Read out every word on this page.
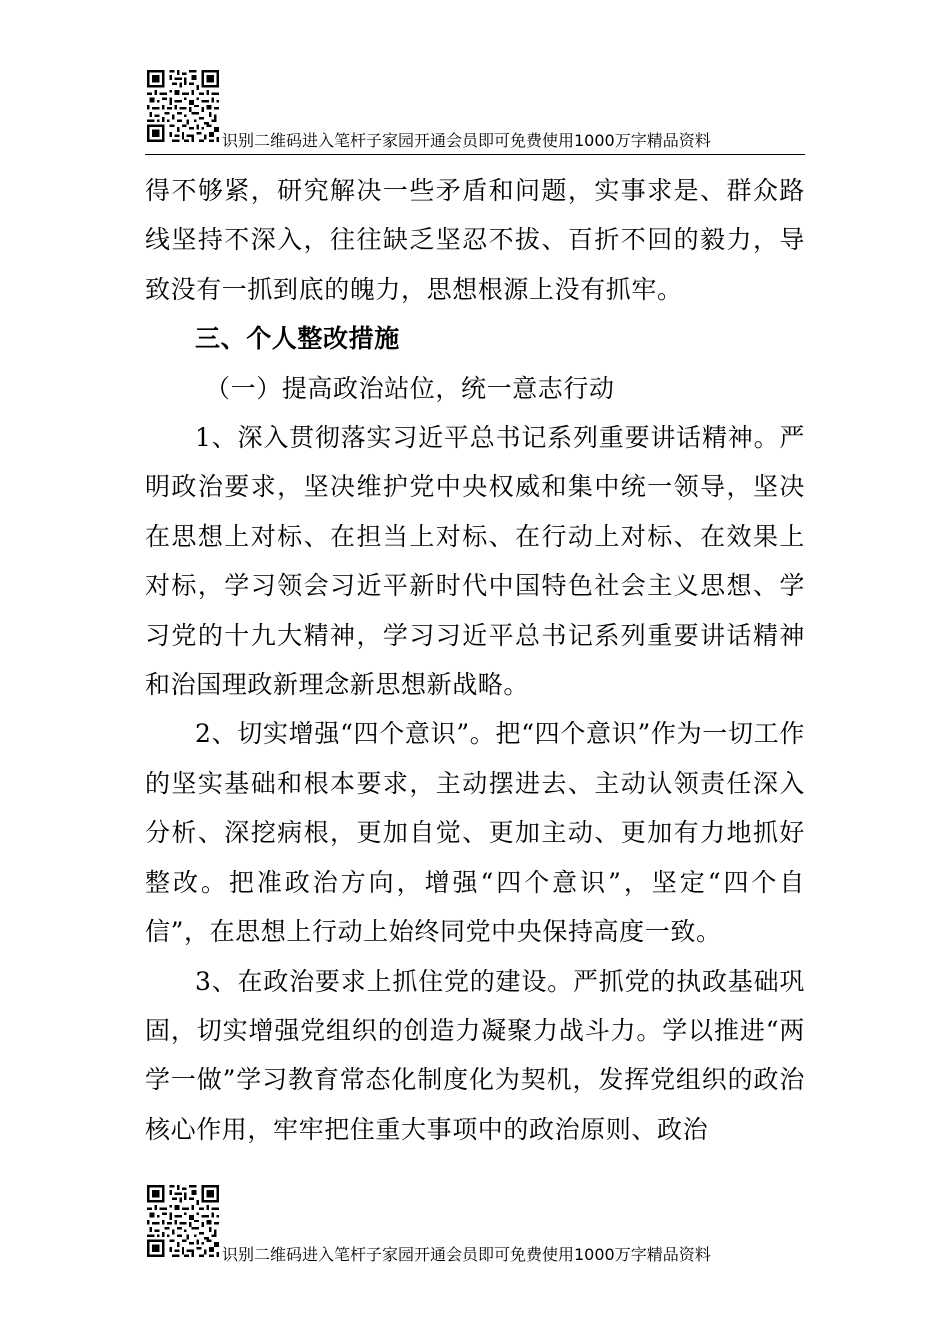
识别二维码进入笔杆子家园开通会员即可免费使用1000万字精品资料

得不够紧，研究解决一些矛盾和问题，实事求是、群众路线坚持不深入，往往缺乏坚忍不拔、百折不回的毅力，导致没有一抓到底的魄力，思想根源上没有抓牢。

三、个人整改措施

（一）提高政治站位，统一意志行动

1、深入贯彻落实习近平总书记系列重要讲话精神。严明政治要求，坚决维护党中央权威和集中统一领导，坚决在思想上对标、在担当上对标、在行动上对标、在效果上对标，学习领会习近平新时代中国特色社会主义思想、学习党的十九大精神，学习习近平总书记系列重要讲话精神和治国理政新理念新思想新战略。

2、切实增强“四个意识”。把“四个意识”作为一切工作的坚实基础和根本要求，主动摆进去、主动认领责任深入分析、深挖病根，更加自觉、更加主动、更加有力地抓好整改。把准政治方向，增强“四个意识”，坚定“四个自信”，在思想上行动上始终同党中央保持高度一致。

3、在政治要求上抓住党的建设。严抓党的执政基础巩固，切实增强党组织的创造力凝聚力战斗力。学以推进“两学一做”学习教育常态化制度化为契机，发挥党组织的政治核心作用，牢牢把住重大事项中的政治原则、政治

识别二维码进入笔杆子家园开通会员即可免费使用1000万字精品资料
